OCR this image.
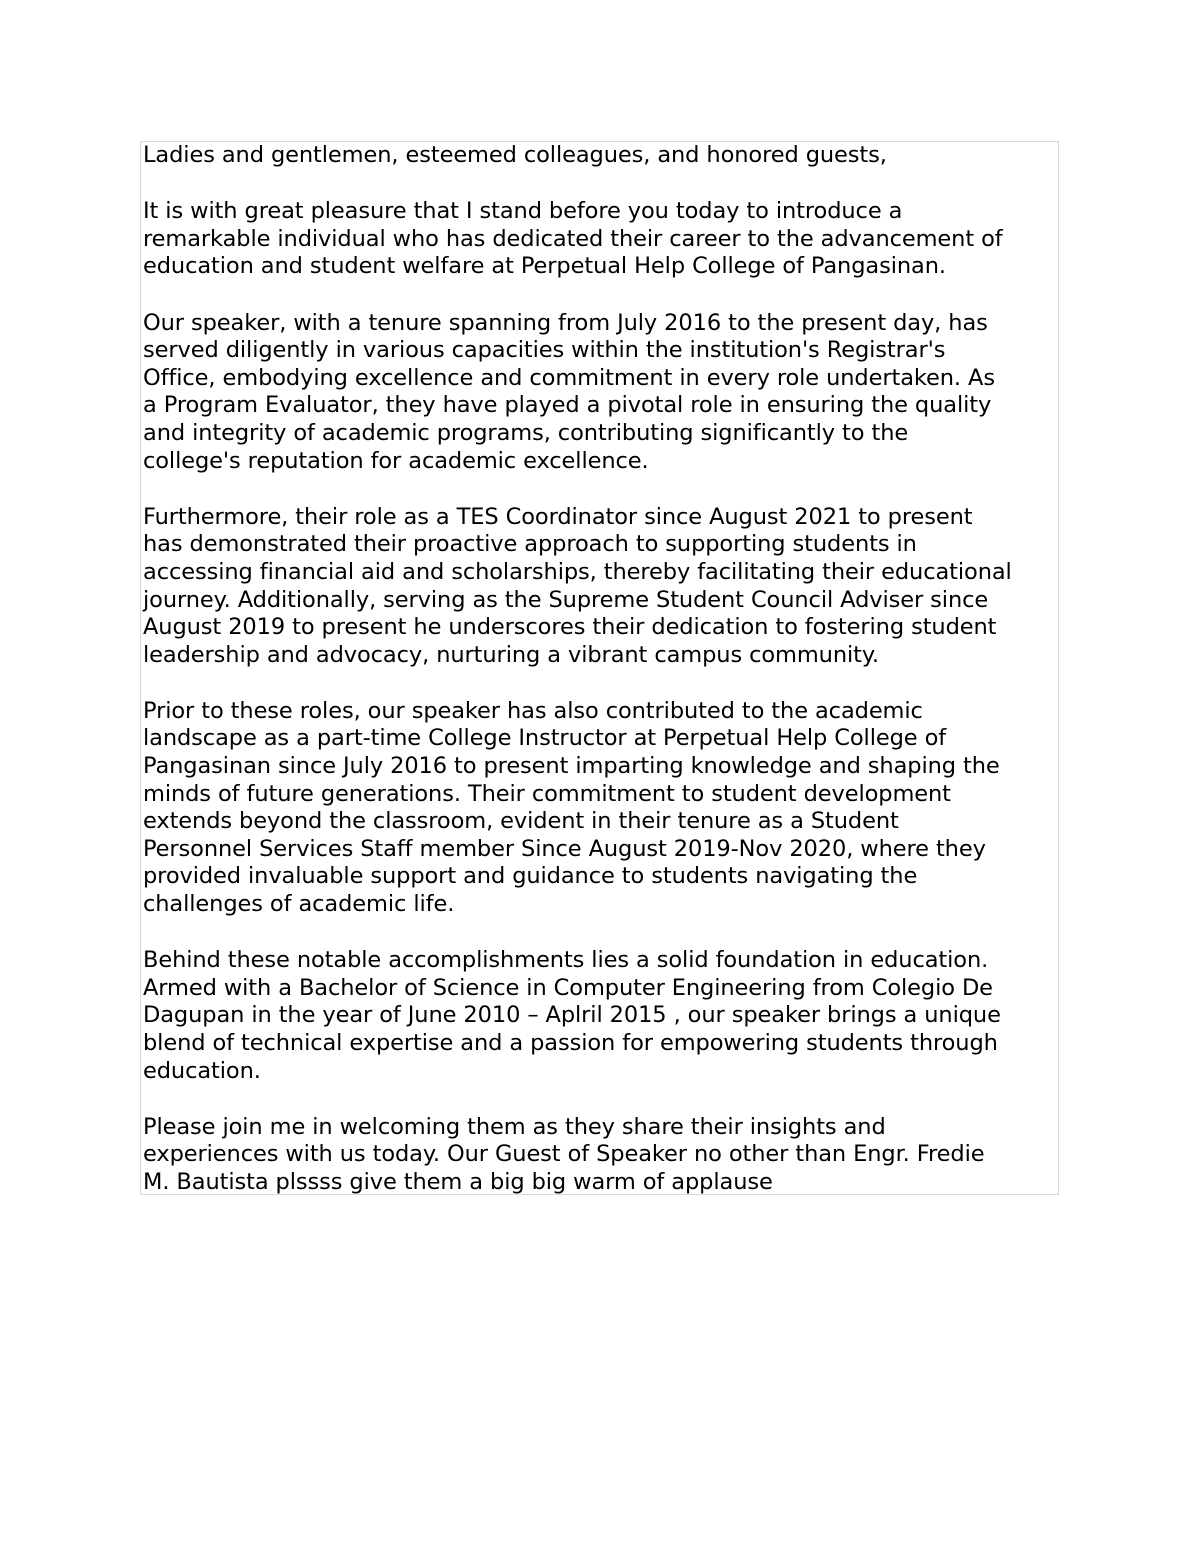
Ladies and gentlemen, esteemed colleagues, and honored guests,

It is with great pleasure that I stand before you today to introduce a
remarkable individual who has dedicated their career to the advancement of
education and student welfare at Perpetual Help College of Pangasinan.

Our speaker, with a tenure spanning from July 2016 to the present day, has
served diligently in various capacities within the institution's Registrar's
Office, embodying excellence and commitment in every role undertaken. As
a Program Evaluator, they have played a pivotal role in ensuring the quality
and integrity of academic programs, contributing significantly to the
college's reputation for academic excellence.

Furthermore, their role as a TES Coordinator since August 2021 to present
has demonstrated their proactive approach to supporting students in
accessing financial aid and scholarships, thereby facilitating their educational
journey. Additionally, serving as the Supreme Student Council Adviser since
August 2019 to present he underscores their dedication to fostering student
leadership and advocacy, nurturing a vibrant campus community.

Prior to these roles, our speaker has also contributed to the academic
landscape as a part-time College Instructor at Perpetual Help College of
Pangasinan since July 2016 to present imparting knowledge and shaping the
minds of future generations. Their commitment to student development
extends beyond the classroom, evident in their tenure as a Student
Personnel Services Staff member Since August 2019-Nov 2020, where they
provided invaluable support and guidance to students navigating the
challenges of academic life.

Behind these notable accomplishments lies a solid foundation in education.
Armed with a Bachelor of Science in Computer Engineering from Colegio De
Dagupan in the year of June 2010 – Aplril 2015 , our speaker brings a unique
blend of technical expertise and a passion for empowering students through
education.

Please join me in welcoming them as they share their insights and
experiences with us today. Our Guest of Speaker no other than Engr. Fredie
M. Bautista plssss give them a big big warm of applause
